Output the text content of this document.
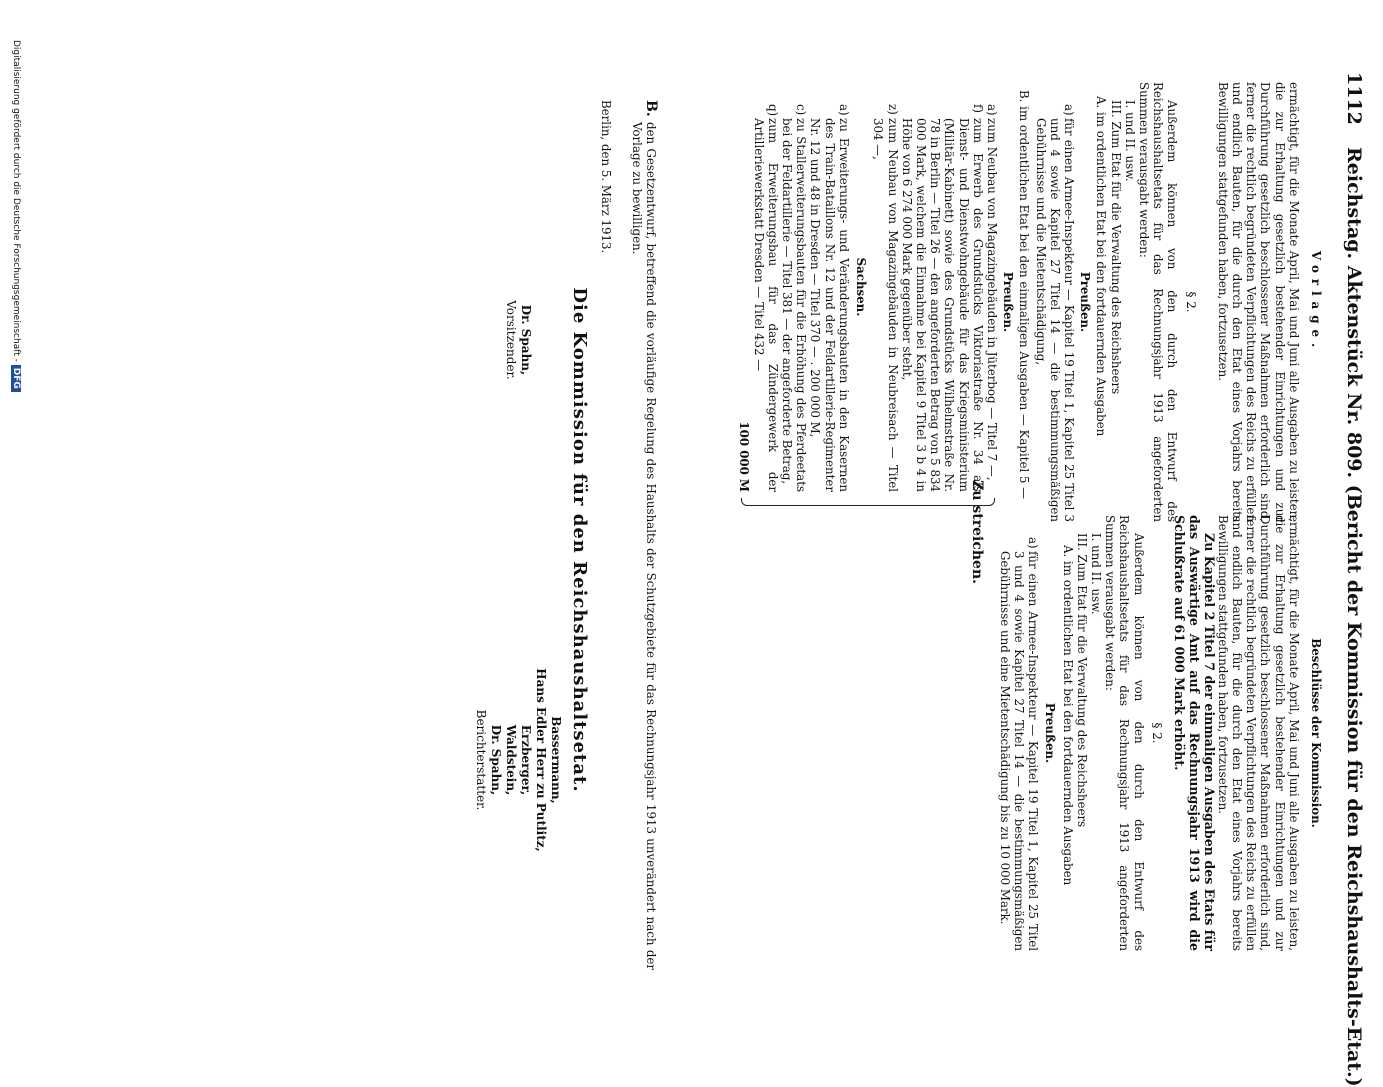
1112
Reichstag. Aktenstück Nr. 809. (Bericht der Kommission für den Reichshaushalts-Etat.)

Vorlage.

ermächtigt, für die Monate April, Mai und Juni alle Ausgaben zu leisten, die zur Erhaltung gesetzlich bestehender Einrichtungen und zur Durchführung gesetzlich beschlossener Maßnahmen erforderlich sind, ferner die rechtlich begründeten Verpflichtungen des Reichs zu erfüllen und endlich Bauten, für die durch den Etat eines Vorjahrs bereits Bewilligungen stattgefunden haben, fortzusetzen.

§ 2.

Außerdem können von den durch den Entwurf des Reichshaushaltsetats für das Rechnungsjahr 1913 angeforderten Summen verausgabt werden:

I. und II. usw.

III. Zum Etat für die Verwaltung des Reichsheers

A. im ordentlichen Etat bei den fortdauernden Ausgaben

Preußen.

a)
für einen Armee-Inspekteur — Kapitel 19 Titel 1, Kapitel 25 Titel 3 und 4 sowie Kapitel 27 Titel 14 — die bestimmungsmäßigen Gebührnisse und die Mietentschädigung,

B. im ordentlichen Etat bei den einmaligen Ausgaben — Kapitel 5 —

Preußen.

a)
zum Neubau von Magazingebäuden in Jüterbog — Titel 7 —,
f)
zum Erwerb des Grundstücks Viktoriastraße Nr. 34 als Dienst- und Dienstwohngebäude für das Kriegsministerium (Militär-Kabinett) sowie des Grundstücks Wilhelmstraße Nr. 78 in Berlin — Titel 26 — den angeforderten Betrag von 5 834 000 Mark, welchem die Einnahme bei Kapitel 9 Titel 3 b 4 in Höhe von 6 274 000 Mark gegenüber steht,
z)
zum Neubau von Magazingebäuden in Neubreisach — Titel 304 —,

Sachsen.

a)
zu Erweiterungs- und Veränderungsbauten in den Kasernen des Train-Bataillons Nr. 12 und der Feldartillerie-Regimenter Nr. 12 und 48 in Dresden — Titel 370 — . 200 000 M,
c)
zu Stallerweiterungsbauten für die Erhöhung des Pferdeetats bei der Feldartillerie — Titel 381 — der angeforderte Betrag,
q)
zum Erweiterungsbau für das Zündergewerk der Artilleriewerkstatt Dresden — Titel 432 —

100 000 M

Zu streichen.

Beschlüsse der Kommission.

ermächtigt, für die Monate April, Mai und Juni alle Ausgaben zu leisten, die zur Erhaltung gesetzlich bestehender Einrichtungen und zur Durchführung gesetzlich beschlossener Maßnahmen erforderlich sind, ferner die rechtlich begründeten Verpflichtungen des Reichs zu erfüllen und endlich Bauten, für die durch den Etat eines Vorjahrs bereits Bewilligungen stattgefunden haben, fortzusetzen.

Zu Kapitel 2 Titel 7 der einmaligen Ausgaben des Etats für das Auswärtige Amt auf das Rechnungsjahr 1913 wird die Schlußrate auf 61 000 Mark erhöht.

§ 2.

Außerdem können von den durch den Entwurf des Reichshaushaltsetats für das Rechnungsjahr 1913 angeforderten Summen verausgabt werden:

I. und II. usw.

III. Zum Etat für die Verwaltung des Reichsheers

A. im ordentlichen Etat bei den fortdauernden Ausgaben

Preußen.

a)
für einen Armee-Inspekteur — Kapitel 19 Titel 1, Kapitel 25 Titel 3 und 4 sowie Kapitel 27 Titel 14 — die bestimmungsmäßigen Gebührnisse und eine Mietentschädigung bis zu 10 000 Mark.
B.
den Gesetzentwurf, betreffend die vorläufige Regelung des Haushalts der Schutzgebiete für das Rechnungsjahr 1913 unverändert nach der Vorlage zu bewilligen.
Berlin, den 5. März 1913.
Die Kommission für den Reichshaushaltsetat.
Dr. Spahn,
Vorsitzender.
Bassermann,
Hans Edler Herr zu Putlitz,
Erzberger,
Waldstein,
Dr. Spahn,
Berichterstatter.
Digitalisierung gefördert durch die Deutsche Forschungsgemeinschaft - DFG
